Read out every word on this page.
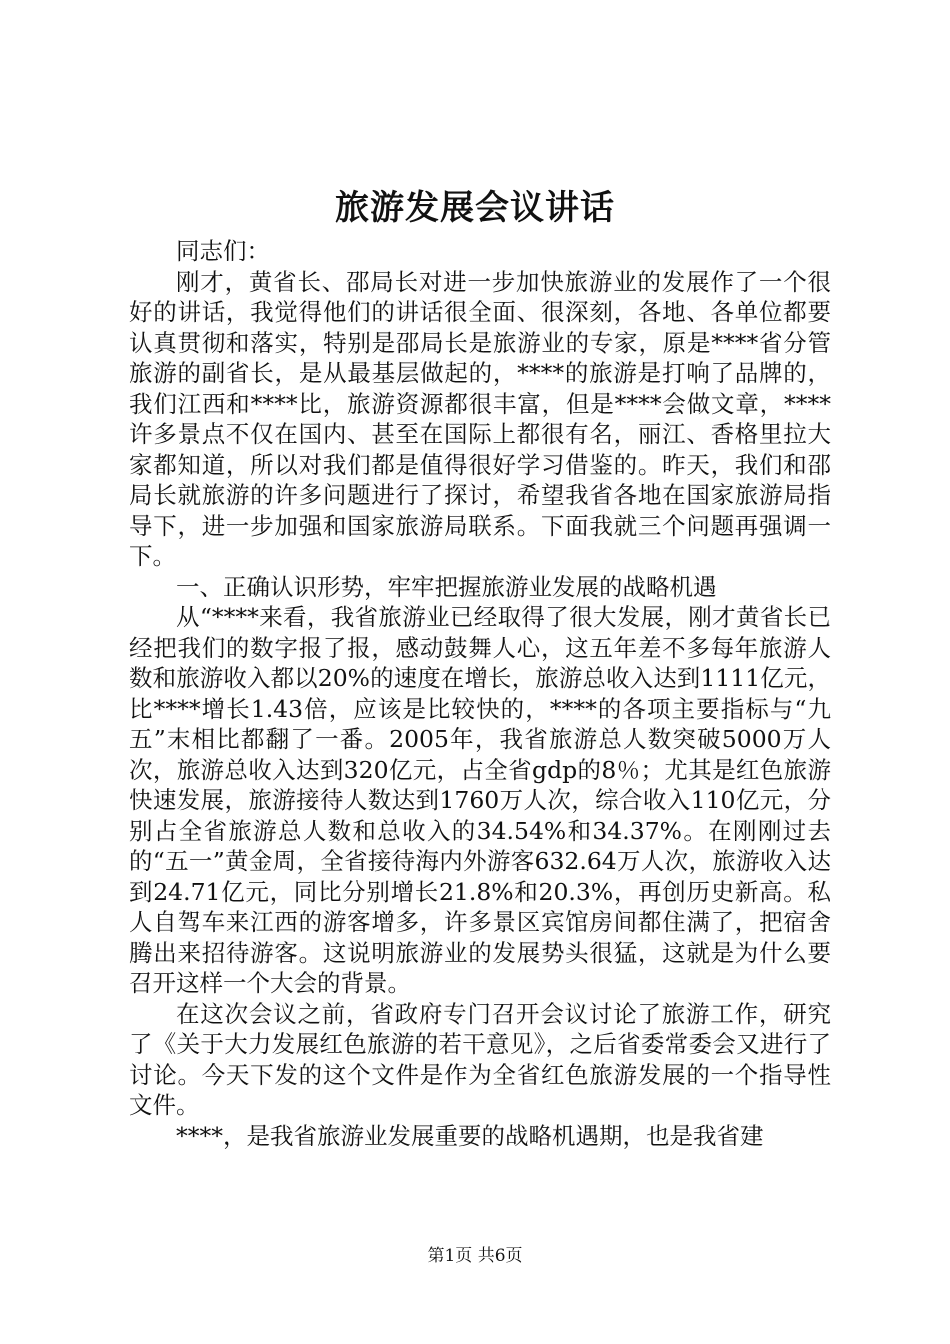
旅游发展会议讲话

同志们：

刚才，黄省长、邵局长对进一步加快旅游业的发展作了一个很好的讲话，我觉得他们的讲话很全面、很深刻，各地、各单位都要认真贯彻和落实，特别是邵局长是旅游业的专家，原是****省分管旅游的副省长，是从最基层做起的，****的旅游是打响了品牌的，我们江西和****比，旅游资源都很丰富，但是****会做文章，****许多景点不仅在国内、甚至在国际上都很有名，丽江、香格里拉大家都知道，所以对我们都是值得很好学习借鉴的。昨天，我们和邵局长就旅游的许多问题进行了探讨，希望我省各地在国家旅游局指导下，进一步加强和国家旅游局联系。下面我就三个问题再强调一下。

一、正确认识形势，牢牢把握旅游业发展的战略机遇

从“****来看，我省旅游业已经取得了很大发展，刚才黄省长已经把我们的数字报了报，感动鼓舞人心，这五年差不多每年旅游人数和旅游收入都以20%的速度在增长，旅游总收入达到1111亿元，比****增长1.43倍，应该是比较快的，****的各项主要指标与“九五”末相比都翻了一番。2005年，我省旅游总人数突破5000万人次，旅游总收入达到320亿元，占全省gdp的8％；尤其是红色旅游快速发展，旅游接待人数达到1760万人次，综合收入110亿元，分别占全省旅游总人数和总收入的34.54%和34.37%。在刚刚过去的“五一”黄金周，全省接待海内外游客632.64万人次，旅游收入达到24.71亿元，同比分别增长21.8%和20.3%，再创历史新高。私人自驾车来江西的游客增多，许多景区宾馆房间都住满了，把宿舍腾出来招待游客。这说明旅游业的发展势头很猛，这就是为什么要召开这样一个大会的背景。

在这次会议之前，省政府专门召开会议讨论了旅游工作，研究了《关于大力发展红色旅游的若干意见》，之后省委常委会又进行了讨论。今天下发的这个文件是作为全省红色旅游发展的一个指导性文件。

****，是我省旅游业发展重要的战略机遇期，也是我省建

第1页 共6页
